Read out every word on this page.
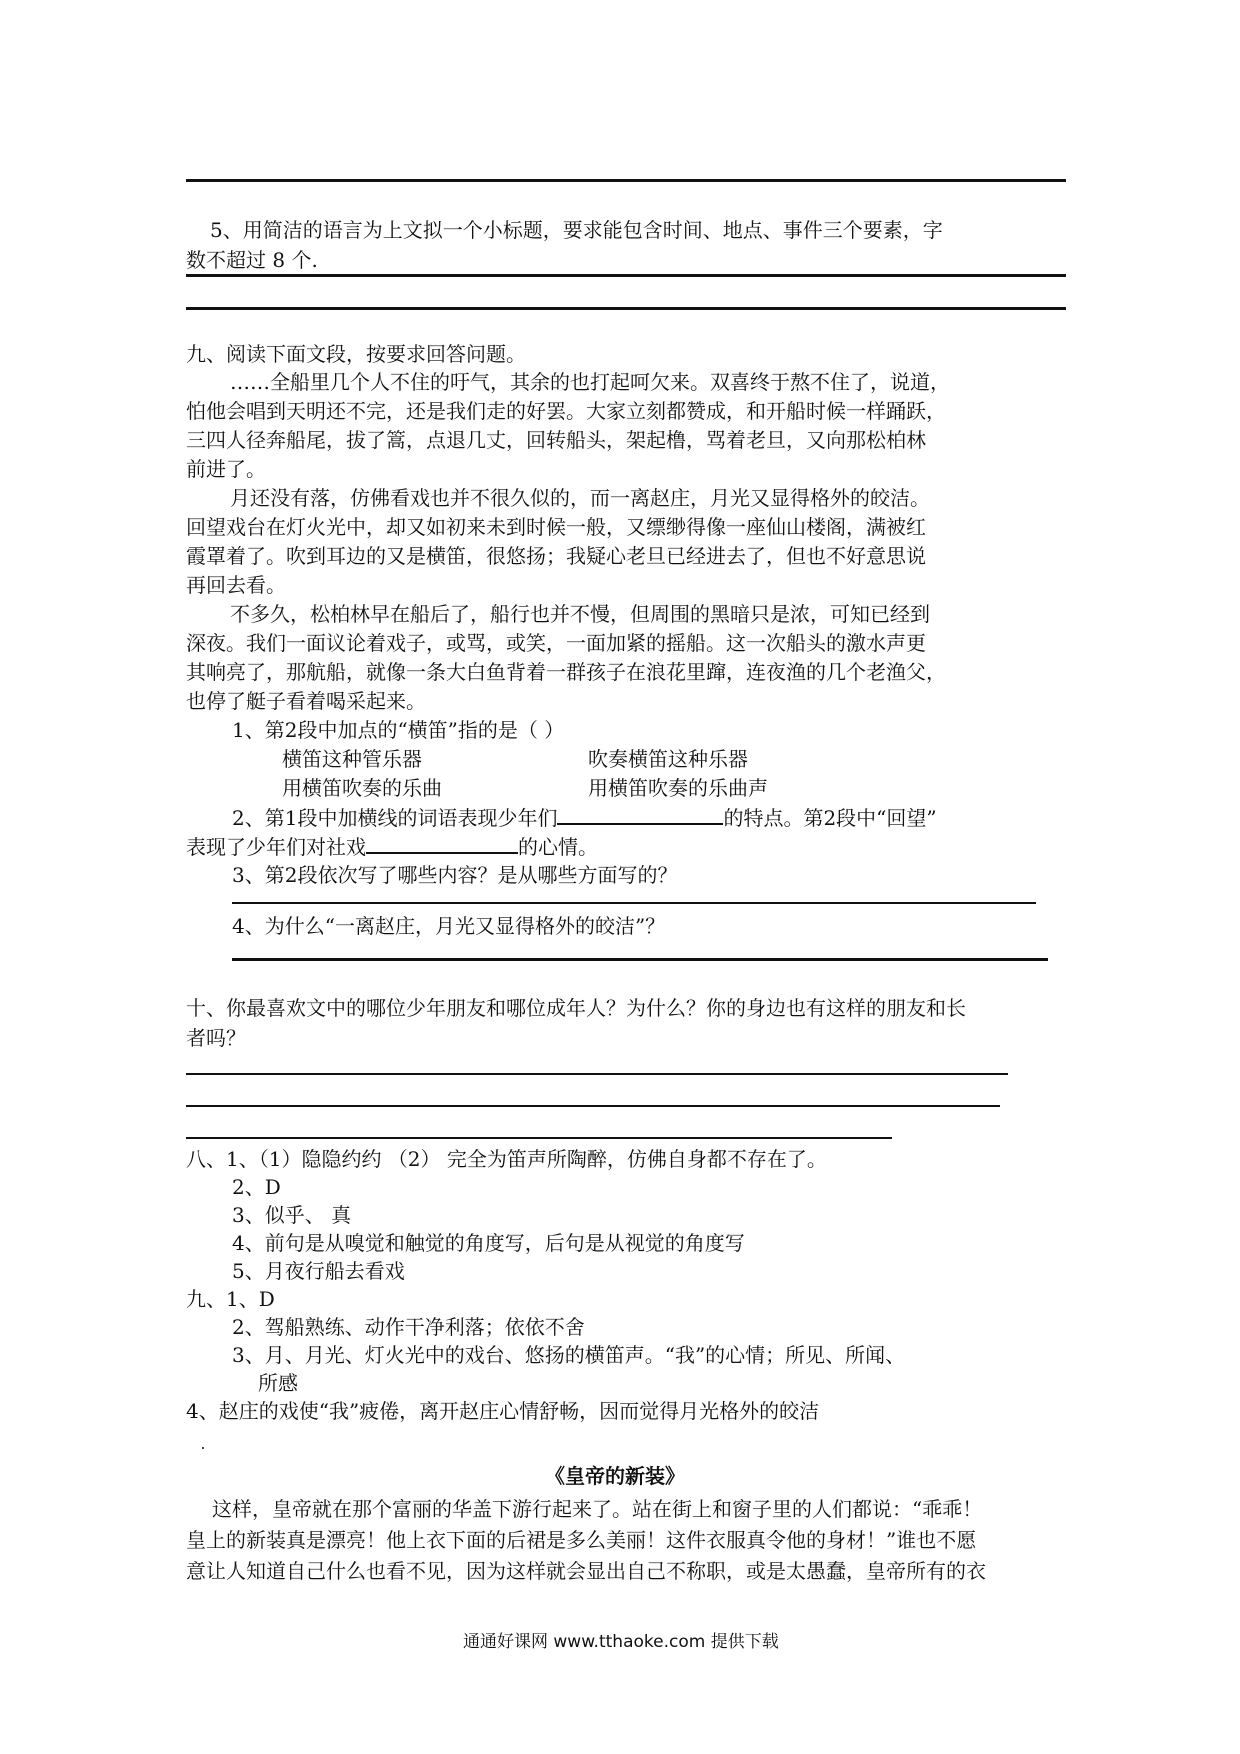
5、用简洁的语言为上文拟一个小标题，要求能包含时间、地点、事件三个要素，字
数不超过 8 个.
九、阅读下面文段，按要求回答问题。
……全船里几个人不住的吁气，其余的也打起呵欠来。双喜终于熬不住了，说道，
怕他会唱到天明还不完，还是我们走的好罢。大家立刻都赞成，和开船时候一样踊跃，
三四人径奔船尾，拔了篙，点退几丈，回转船头，架起橹，骂着老旦，又向那松柏林
前进了。
月还没有落，仿佛看戏也并不很久似的，而一离赵庄，月光又显得格外的皎洁。
回望戏台在灯火光中，却又如初来未到时候一般，又缥缈得像一座仙山楼阁，满被红
霞罩着了。吹到耳边的又是横笛，很悠扬；我疑心老旦已经进去了，但也不好意思说
再回去看。
不多久，松柏林早在船后了，船行也并不慢，但周围的黑暗只是浓，可知已经到
深夜。我们一面议论着戏子，或骂，或笑，一面加紧的摇船。这一次船头的激水声更
其响亮了，那航船，就像一条大白鱼背着一群孩子在浪花里蹿，连夜渔的几个老渔父，
也停了艇子看着喝采起来。
1、第2段中加点的“横笛”指的是（ ）
横笛这种管乐器	吹奏横笛这种乐器
用横笛吹奏的乐曲	用横笛吹奏的乐曲声
2、第1段中加横线的词语表现少年们	的特点。第2段中“回望”
表现了少年们对社戏	的心情。
3、第2段依次写了哪些内容？是从哪些方面写的？
4、为什么“一离赵庄，月光又显得格外的皎洁”？
十、你最喜欢文中的哪位少年朋友和哪位成年人？为什么？你的身边也有这样的朋友和长
者吗？
八、1、（1）隐隐约约 （2） 完全为笛声所陶醉，仿佛自身都不存在了。
2、D
3、似乎、 真
4、前句是从嗅觉和触觉的角度写，后句是从视觉的角度写
5、月夜行船去看戏
九、1、D
2、驾船熟练、动作干净利落；依依不舍
3、月、月光、灯火光中的戏台、悠扬的横笛声。“我”的心情；所见、所闻、
所感
4、赵庄的戏使“我”疲倦，离开赵庄心情舒畅，因而觉得月光格外的皎洁
《皇帝的新装》
这样，皇帝就在那个富丽的华盖下游行起来了。站在街上和窗子里的人们都说：“乖乖！
皇上的新装真是漂亮！他上衣下面的后裙是多么美丽！这件衣服真令他的身材！”谁也不愿
意让人知道自己什么也看不见，因为这样就会显出自己不称职，或是太愚蠢，皇帝所有的衣
通通好课网 www.tthaoke.com 提供下载
